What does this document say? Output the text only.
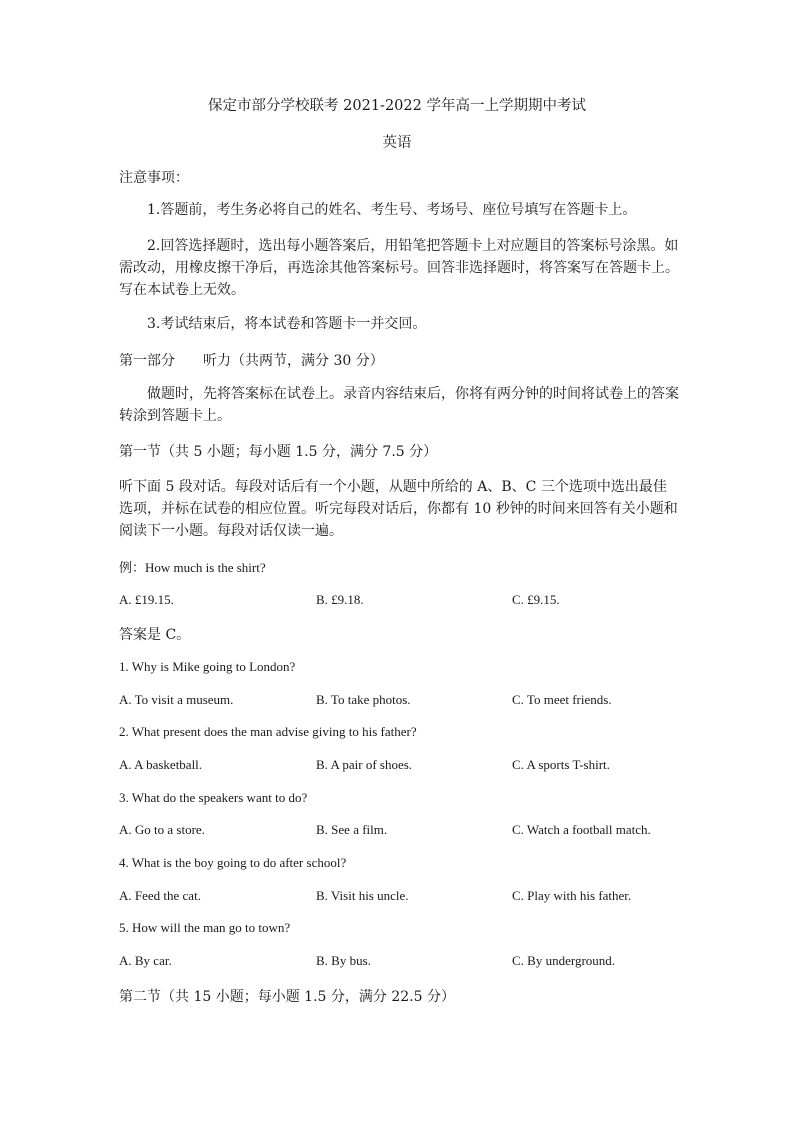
保定市部分学校联考 2021-2022 学年高一上学期期中考试
英语
注意事项：
1.答题前，考生务必将自己的姓名、考生号、考场号、座位号填写在答题卡上。
2.回答选择题时，选出每小题答案后，用铅笔把答题卡上对应题目的答案标号涂黑。如需改动，用橡皮擦干净后，再选涂其他答案标号。回答非选择题时，将答案写在答题卡上。写在本试卷上无效。
3.考试结束后，将本试卷和答题卡一并交回。
第一部分　　听力（共两节，满分 30 分）
做题时，先将答案标在试卷上。录音内容结束后，你将有两分钟的时间将试卷上的答案转涂到答题卡上。
第一节（共 5 小题；每小题 1.5 分，满分 7.5 分）
听下面 5 段对话。每段对话后有一个小题，从题中所给的 A、B、C 三个选项中选出最佳选项，并标在试卷的相应位置。听完每段对话后，你都有 10 秒钟的时间来回答有关小题和阅读下一小题。每段对话仅读一遍。
例：How much is the shirt?
A. £19.15.	B. £9.18.	C. £9.15.
答案是 C。
1. Why is Mike going to London?
A. To visit a museum.	B. To take photos.	C. To meet friends.
2. What present does the man advise giving to his father?
A. A basketball.	B. A pair of shoes.	C. A sports T-shirt.
3. What do the speakers want to do?
A. Go to a store.	B. See a film.	C. Watch a football match.
4. What is the boy going to do after school?
A. Feed the cat.	B. Visit his uncle.	C. Play with his father.
5. How will the man go to town?
A. By car.	B. By bus.	C. By underground.
第二节（共 15 小题；每小题 1.5 分，满分 22.5 分）
